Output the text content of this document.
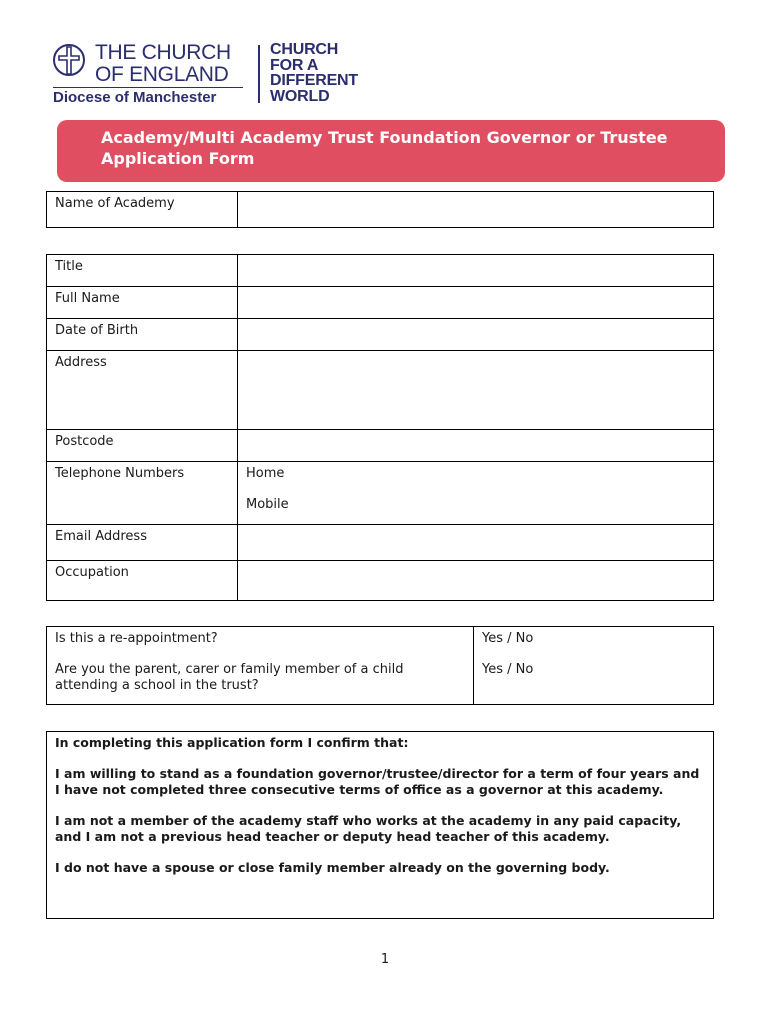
THE CHURCH
OF ENGLAND
Diocese of Manchester
CHURCH
FOR A
DIFFERENT
WORLD
Academy/Multi Academy Trust Foundation Governor or Trustee Application Form
Name of Academy	
Title	
Full Name	
Date of Birth	
Address	
Postcode	
Telephone Numbers	Home
Mobile

Email Address	
Occupation	
Is this a re-appointment?	Yes / No
Are you the parent, carer or family member of a child attending a school in the trust?	Yes / No

In completing this application form I confirm that:

I am willing to stand as a foundation governor/trustee/director for a term of four years and I have not completed three consecutive terms of office as a governor at this academy.

I am not a member of the academy staff who works at the academy in any paid capacity, and I am not a previous head teacher or deputy head teacher of this academy.

I do not have a spouse or close family member already on the governing body.

1
